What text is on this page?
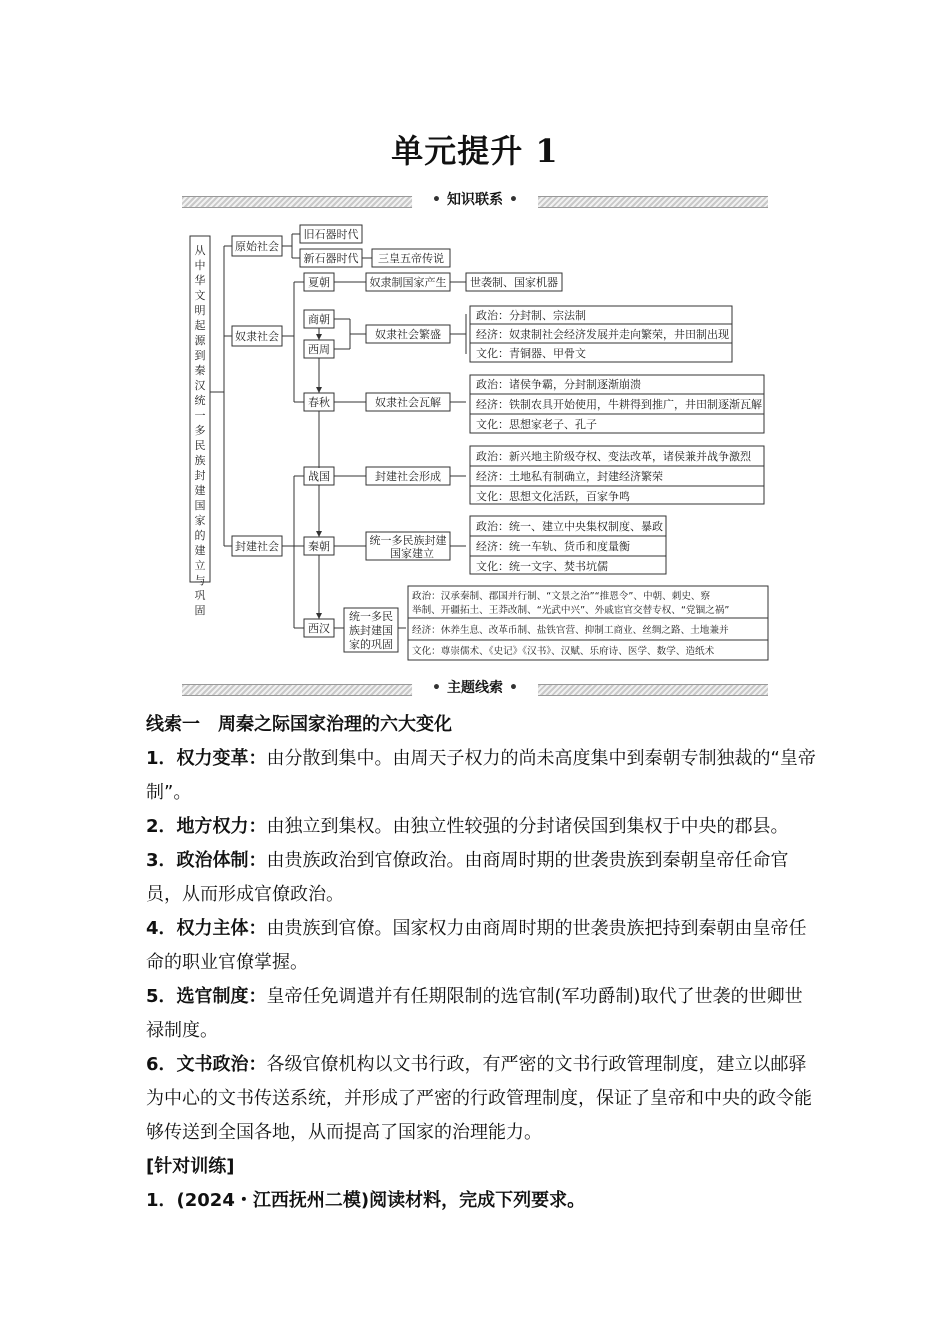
单元提升 1
• 知识联系 •
从中华文明起源到秦汉统一多民族封建国家的建立与巩固
原始社会
奴隶社会
封建社会
旧石器时代
新石器时代 三皇五帝传说
夏朝	奴隶制国家产生 世袭制、国家机器
商朝
西周
奴隶社会繁盛
政治：分封制、宗法制
经济：奴隶制社会经济发展并走向繁荣，井田制出现
文化：青铜器、甲骨文
春秋	奴隶社会瓦解
政治：诸侯争霸，分封制逐渐崩溃
经济：铁制农具开始使用，牛耕得到推广，井田制逐渐瓦解
文化：思想家老子、孔子
战国	封建社会形成
政治：新兴地主阶级夺权、变法改革，诸侯兼并战争激烈
经济：土地私有制确立，封建经济繁荣
文化：思想文化活跃，百家争鸣
秦朝	统一多民族封建
国家建立
政治：统一、建立中央集权制度、暴政
经济：统一车轨、货币和度量衡
文化：统一文字、焚书坑儒
西汉
统一多民
族封建国
家的巩固
政治：汉承秦制、郡国并行制、“文景之治”“推恩令”、中朝、刺史、察
举制、开疆拓土、王莽改制、“光武中兴”、外戚宦官交替专权、“党锢之祸”
经济：休养生息、改革币制、盐铁官营、抑制工商业、丝绸之路、土地兼并
文化：尊崇儒术、《史记》《汉书》、汉赋、乐府诗、医学、数学、造纸术
• 主题线索 •

线索一　周秦之际国家治理的六大变化

1．权力变革：由分散到集中。由周天子权力的尚未高度集中到秦朝专制独裁的“皇帝制”。

2．地方权力：由独立到集权。由独立性较强的分封诸侯国到集权于中央的郡县。

3．政治体制：由贵族政治到官僚政治。由商周时期的世袭贵族到秦朝皇帝任命官员，从而形成官僚政治。

4．权力主体：由贵族到官僚。国家权力由商周时期的世袭贵族把持到秦朝由皇帝任命的职业官僚掌握。

5．选官制度：皇帝任免调遣并有任期限制的选官制(军功爵制)取代了世袭的世卿世禄制度。

6．文书政治：各级官僚机构以文书行政，有严密的文书行政管理制度，建立以邮驿为中心的文书传送系统，并形成了严密的行政管理制度，保证了皇帝和中央的政令能够传送到全国各地，从而提高了国家的治理能力。

[针对训练]

1．(2024・江西抚州二模)阅读材料，完成下列要求。
